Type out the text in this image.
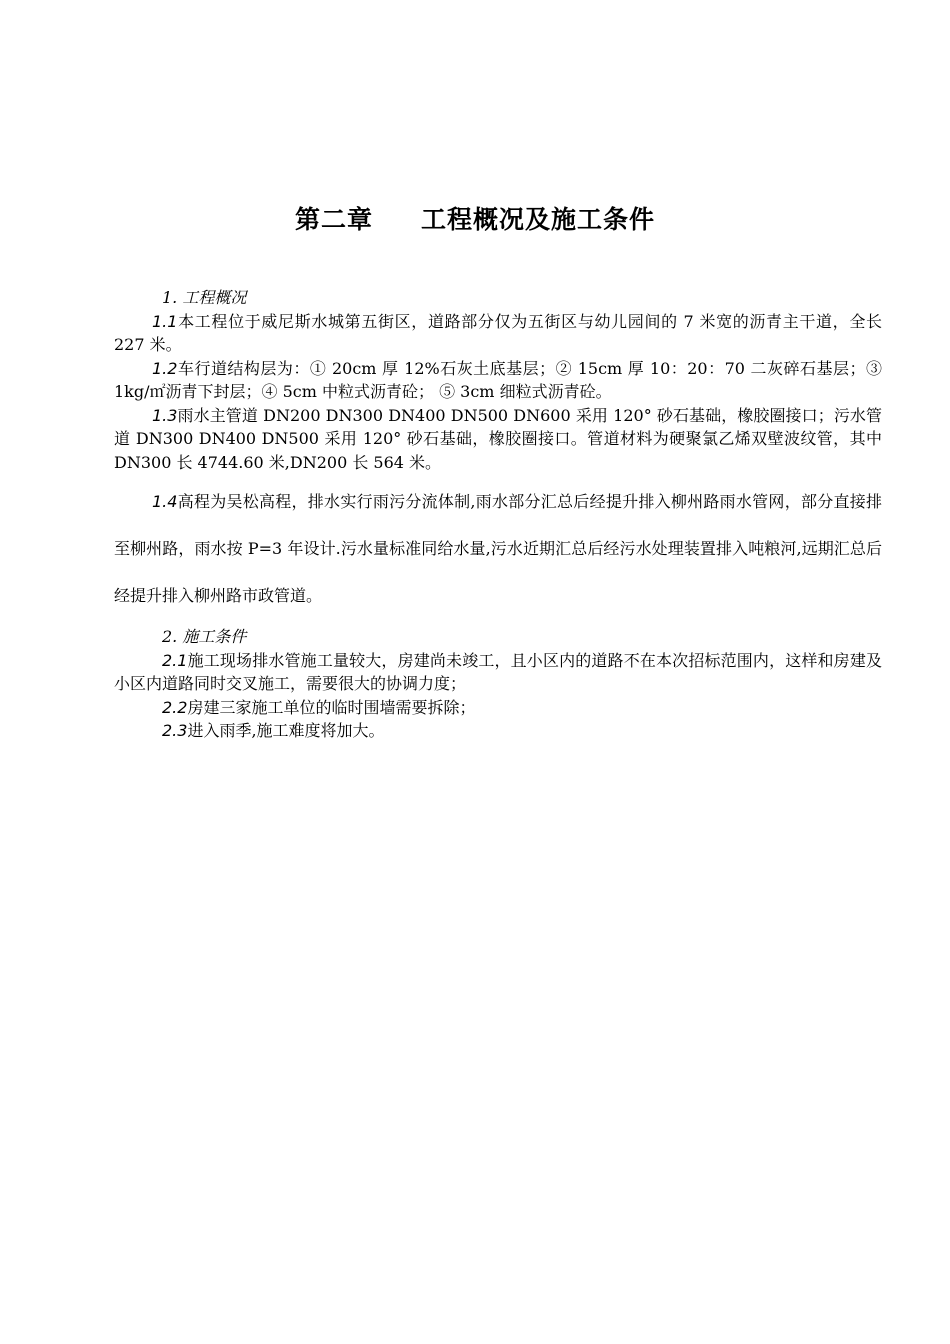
第二章 工程概况及施工条件

1. 工程概况

1.1本工程位于威尼斯水城第五街区，道路部分仅为五街区与幼儿园间的 7 米宽的沥青主干道，全长 227 米。

1.2车行道结构层为：① 20cm 厚 12%石灰土底基层；② 15cm 厚 10：20：70 二灰碎石基层；③ 1kg/㎡沥青下封层；④ 5cm 中粒式沥青砼； ⑤ 3cm 细粒式沥青砼。

1.3雨水主管道 DN200 DN300 DN400 DN500 DN600 采用 120° 砂石基础，橡胶圈接口；污水管道 DN300 DN400 DN500 采用 120° 砂石基础，橡胶圈接口。管道材料为硬聚氯乙烯双壁波纹管，其中 DN300 长 4744.60 米,DN200 长 564 米。

1.4高程为吴松高程，排水实行雨污分流体制,雨水部分汇总后经提升排入柳州路雨水管网，部分直接排至柳州路，雨水按 P=3 年设计.污水量标准同给水量,污水近期汇总后经污水处理装置排入吨粮河,远期汇总后经提升排入柳州路市政管道。

2. 施工条件

2.1施工现场排水管施工量较大，房建尚未竣工，且小区内的道路不在本次招标范围内，这样和房建及小区内道路同时交叉施工，需要很大的协调力度；

2.2房建三家施工单位的临时围墙需要拆除；

2.3进入雨季,施工难度将加大。
